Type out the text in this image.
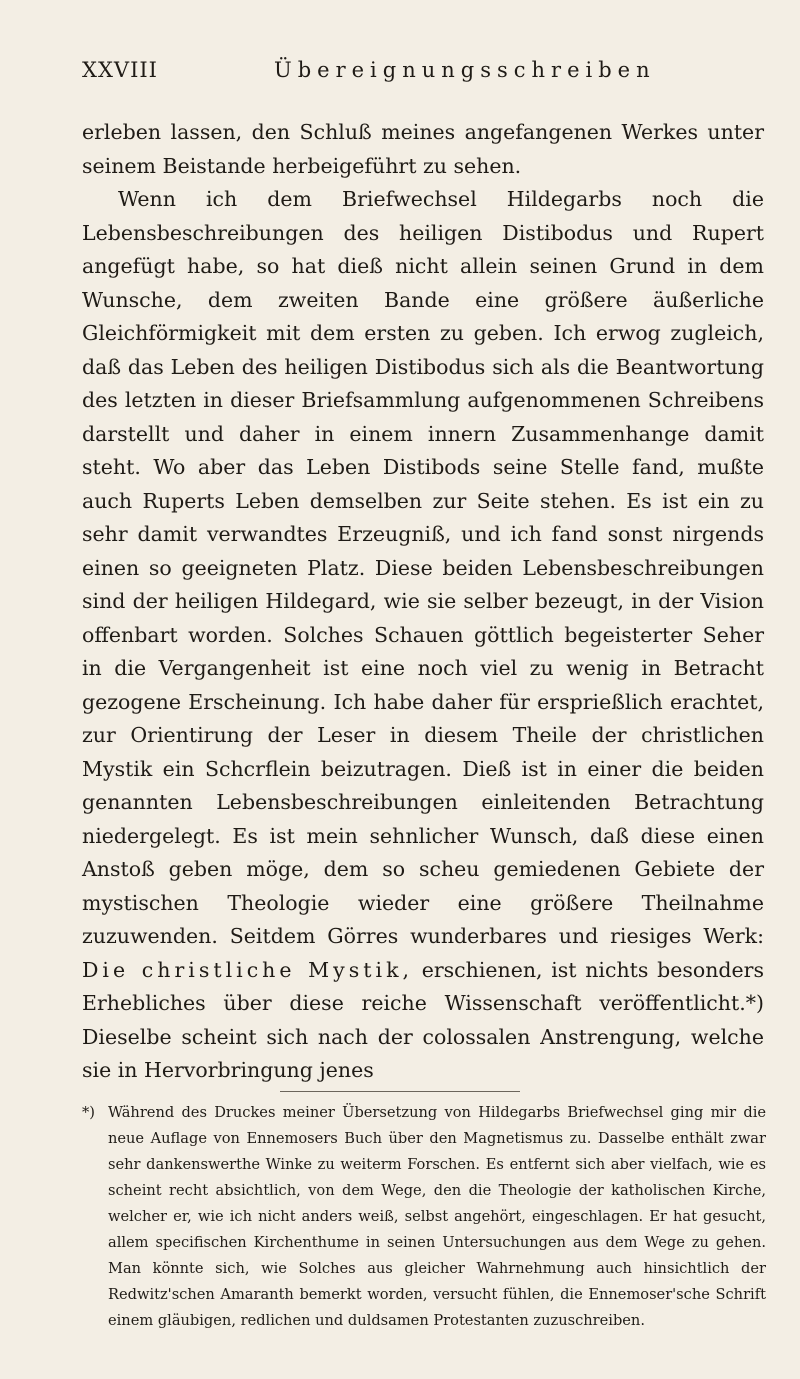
XXVIII	Übereignungsschreiben

erleben lassen, den Schluß meines angefangenen Werkes unter seinem Beistande herbeigeführt zu sehen.

Wenn ich dem Briefwechsel Hildegarbs noch die Lebensbeschreibungen des heiligen Distibodus und Rupert angefügt habe, so hat dieß nicht allein seinen Grund in dem Wunsche, dem zweiten Bande eine größere äußerliche Gleichförmigkeit mit dem ersten zu geben. Ich erwog zugleich, daß das Leben des heiligen Distibodus sich als die Beantwortung des letzten in dieser Briefsammlung aufgenommenen Schreibens darstellt und daher in einem innern Zusammenhange damit steht. Wo aber das Leben Distibods seine Stelle fand, mußte auch Ruperts Leben demselben zur Seite stehen. Es ist ein zu sehr damit verwandtes Erzeugniß, und ich fand sonst nirgends einen so geeigneten Platz. Diese beiden Lebensbeschreibungen sind der heiligen Hildegard, wie sie selber bezeugt, in der Vision offenbart worden. Solches Schauen göttlich begeisterter Seher in die Vergangenheit ist eine noch viel zu wenig in Betracht gezogene Erscheinung. Ich habe daher für ersprießlich erachtet, zur Orientirung der Leser in diesem Theile der christlichen Mystik ein Schcrflein beizutragen. Dieß ist in einer die beiden genannten Lebensbeschreibungen einleitenden Betrachtung niedergelegt. Es ist mein sehnlicher Wunsch, daß diese einen Anstoß geben möge, dem so scheu gemiedenen Gebiete der mystischen Theologie wieder eine größere Theilnahme zuzuwenden. Seitdem Görres wunderbares und riesiges Werk: Die christliche Mystik, erschienen, ist nichts besonders Erhebliches über diese reiche Wissenschaft veröffentlicht.*) Dieselbe scheint sich nach der colossalen Anstrengung, welche sie in Hervorbringung jenes

*) Während des Druckes meiner Übersetzung von Hildegarbs Briefwechsel ging mir die neue Auflage von Ennemosers Buch über den Magnetismus zu. Dasselbe enthält zwar sehr dankenswerthe Winke zu weiterm Forschen. Es entfernt sich aber vielfach, wie es scheint recht absichtlich, von dem Wege, den die Theologie der katholischen Kirche, welcher er, wie ich nicht anders weiß, selbst angehört, eingeschlagen. Er hat gesucht, allem specifischen Kirchenthume in seinen Untersuchungen aus dem Wege zu gehen. Man könnte sich, wie Solches aus gleicher Wahrnehmung auch hinsichtlich der Redwitz'schen Amaranth bemerkt worden, versucht fühlen, die Ennemoser'sche Schrift einem gläubigen, redlichen und duldsamen Protestanten zuzuschreiben.
